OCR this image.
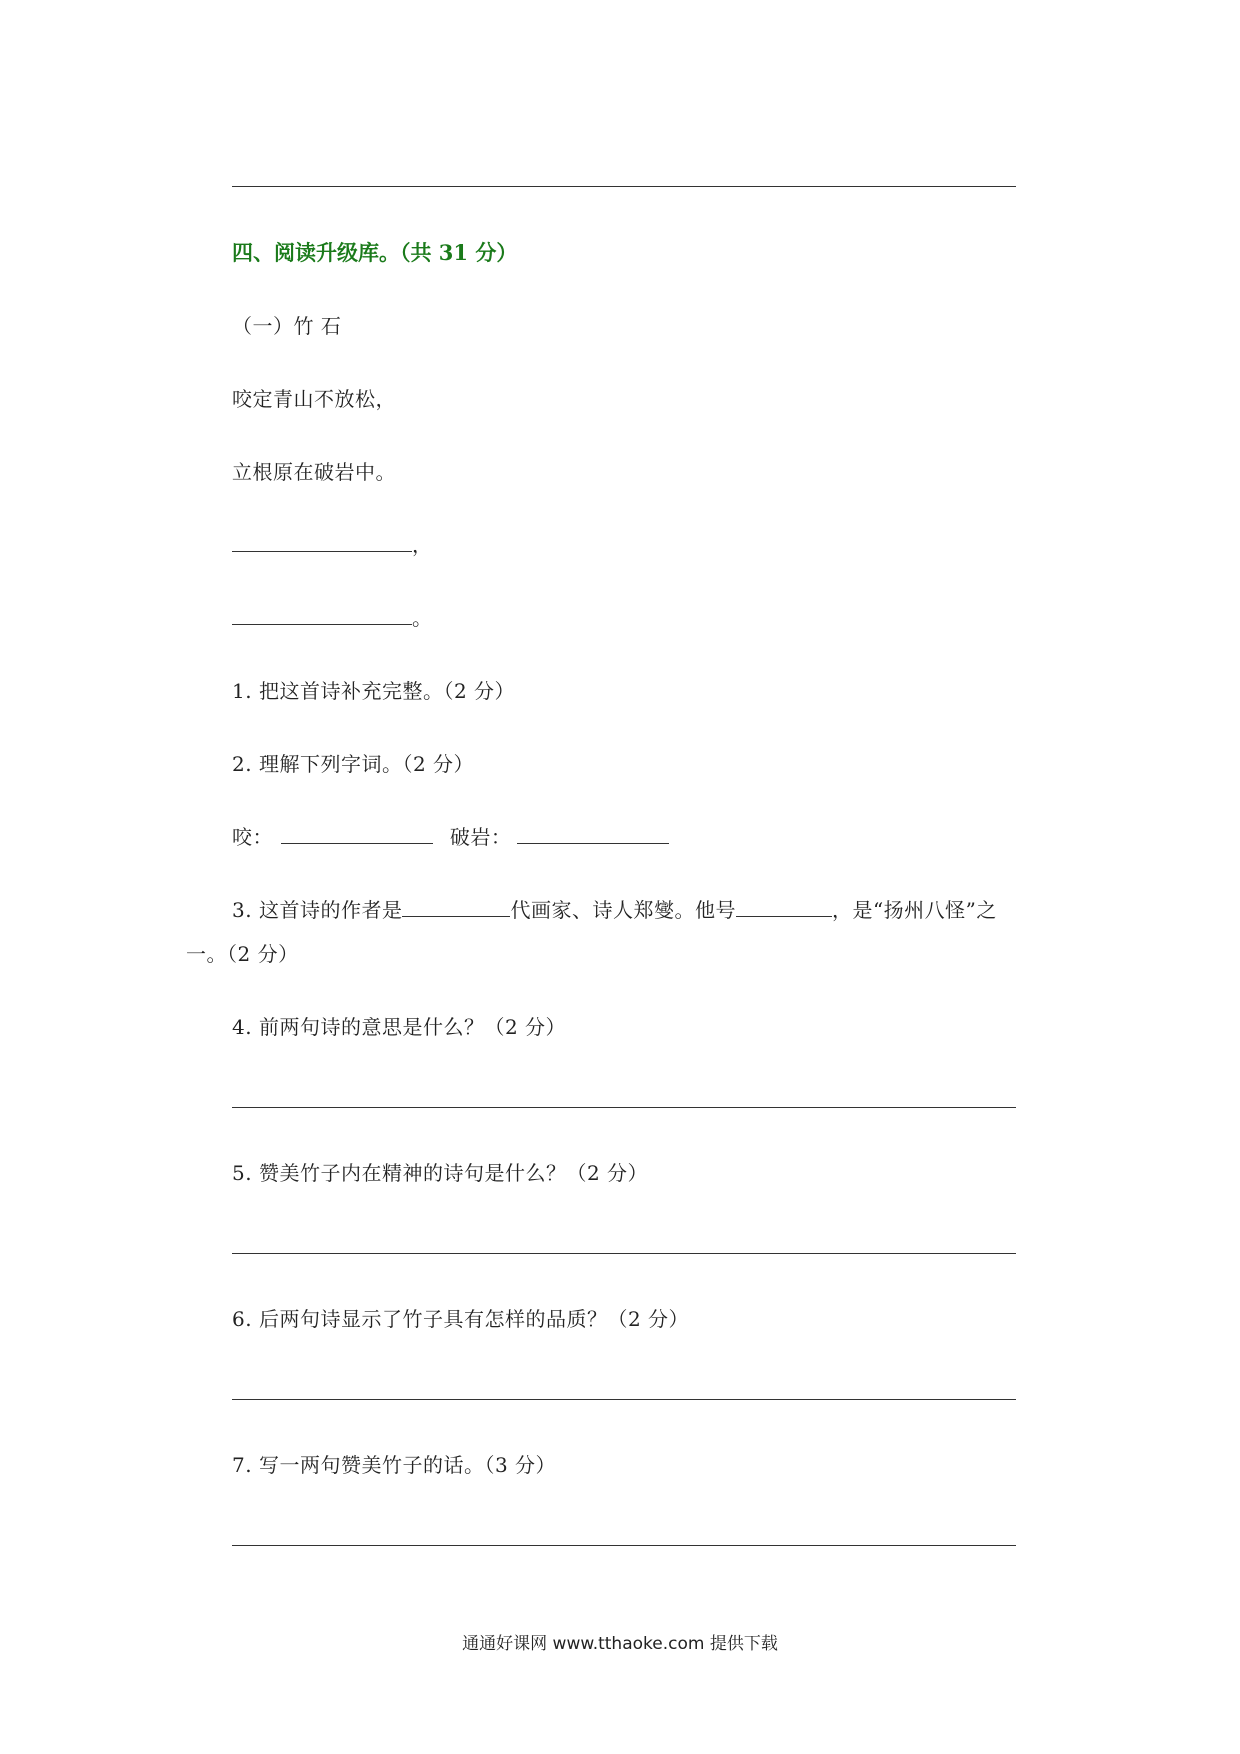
四、阅读升级库。（共 31 分）
（一）竹 石
咬定青山不放松，
立根原在破岩中。
，
。
1. 把这首诗补充完整。（2 分）
2. 理解下列字词。（2 分）
咬：	破岩：
3. 这首诗的作者是	代画家、诗人郑燮。他号	，是“扬州八怪”之
一。（2 分）
4. 前两句诗的意思是什么？（2 分）
5. 赞美竹子内在精神的诗句是什么？（2 分）
6. 后两句诗显示了竹子具有怎样的品质？（2 分）
7. 写一两句赞美竹子的话。（3 分）
通通好课网 www.tthaoke.com 提供下载
